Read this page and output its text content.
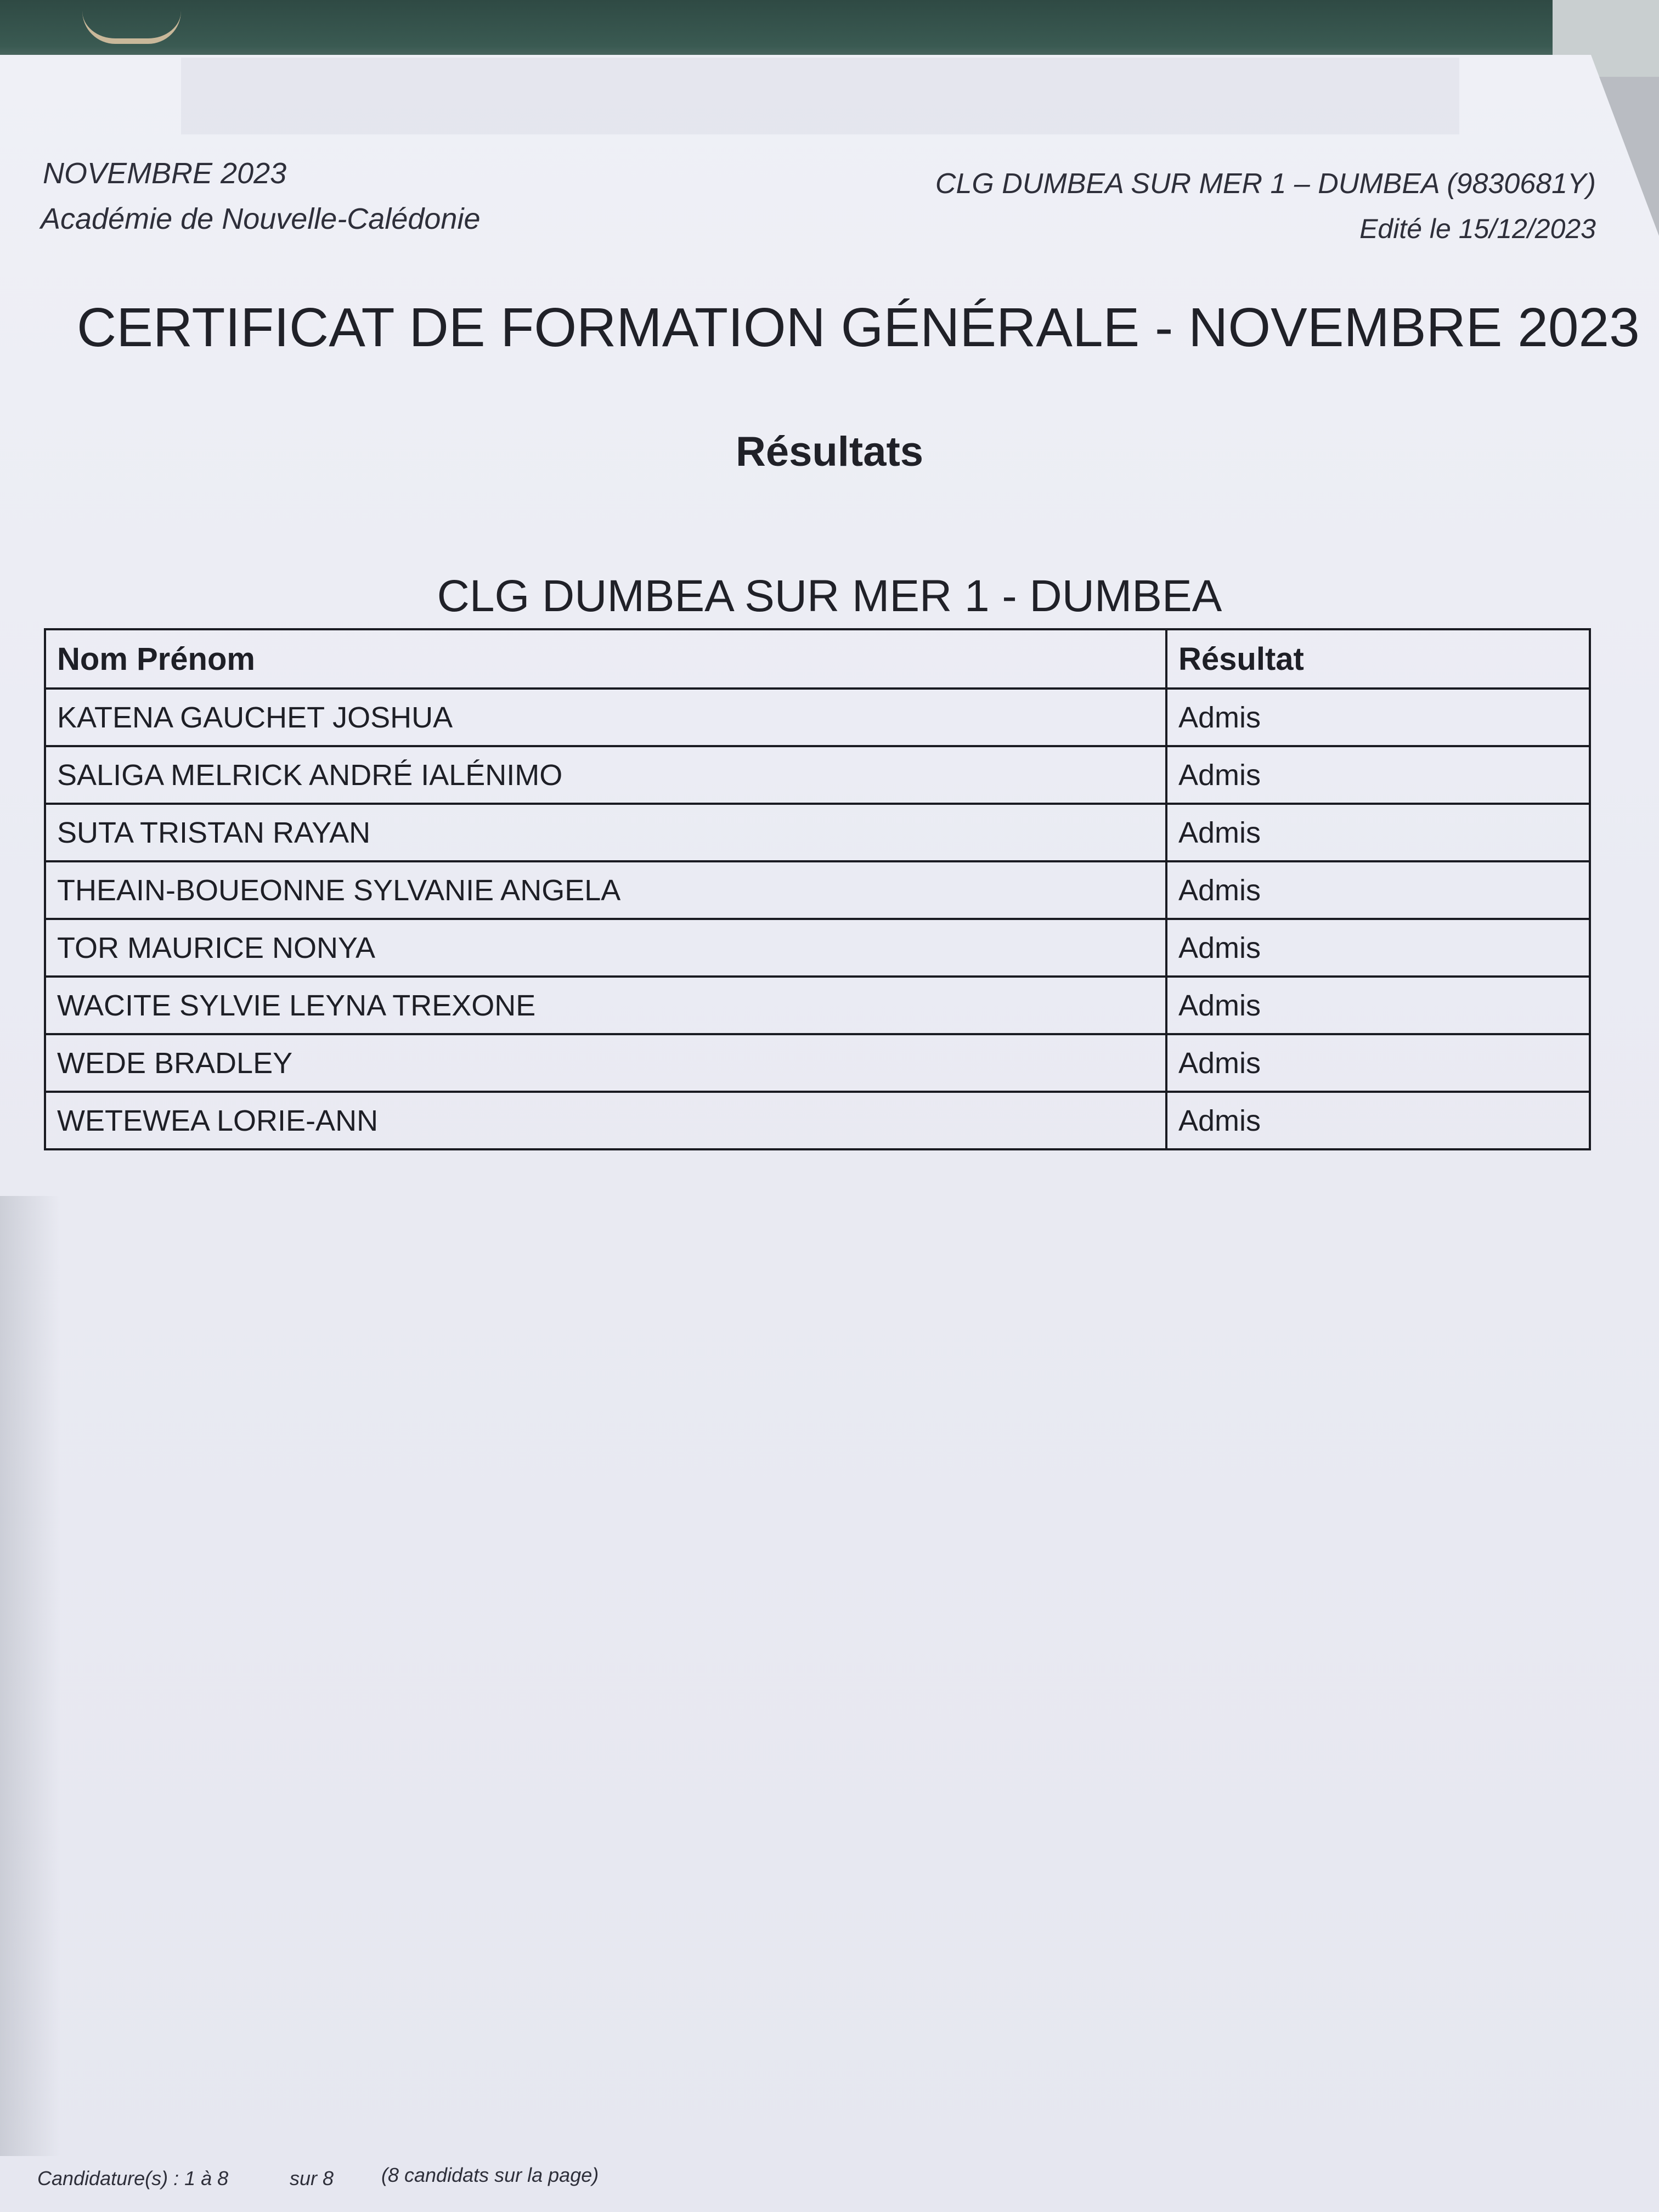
NOVEMBRE 2023
Académie de Nouvelle-Calédonie
CLG DUMBEA SUR MER 1 – DUMBEA (9830681Y)
Edité le 15/12/2023
CERTIFICAT DE FORMATION GÉNÉRALE - NOVEMBRE 2023
Résultats
CLG DUMBEA SUR MER 1 - DUMBEA
Nom Prénom	Résultat
KATENA GAUCHET JOSHUA	Admis
SALIGA MELRICK ANDRÉ IALÉNIMO	Admis
SUTA TRISTAN RAYAN	Admis
THEAIN-BOUEONNE SYLVANIE ANGELA	Admis
TOR MAURICE NONYA	Admis
WACITE SYLVIE LEYNA TREXONE	Admis
WEDE BRADLEY	Admis
WETEWEA LORIE-ANN	Admis
Candidature(s) : 1 à 8	sur 8 (8 candidats sur la page)
